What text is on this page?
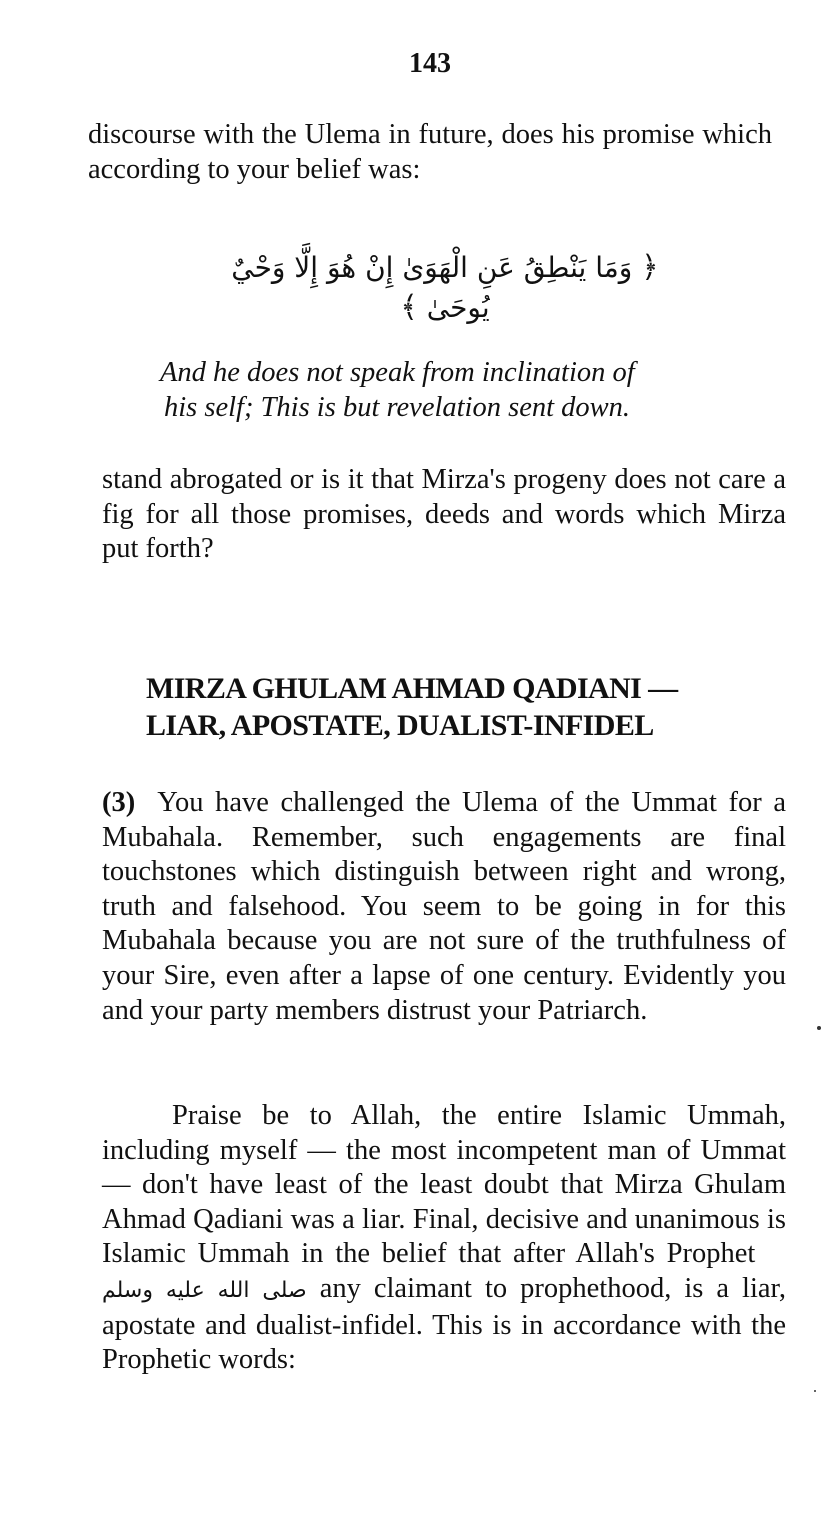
143

discourse with the Ulema in future, does his promise which according to your belief was:

﴿ وَمَا يَنْطِقُ عَنِ الْهَوَىٰ إِنْ هُوَ إِلَّا وَحْيٌ يُوحَىٰ ﴾

And he does not speak from inclination of
his self; This is but revelation sent down.

stand abrogated or is it that Mirza's progeny does not care a fig for all those promises, deeds and words which Mirza put forth?

MIRZA GHULAM AHMAD QADIANI —
LIAR, APOSTATE, DUALIST-INFIDEL

(3) You have challenged the Ulema of the Ummat for a Mubahala. Remember, such engagements are final touchstones which distinguish between right and wrong, truth and falsehood. You seem to be going in for this Mubahala because you are not sure of the truthfulness of your Sire, even after a lapse of one century. Evidently you and your party members distrust your Patriarch.

Praise be to Allah, the entire Islamic Ummah, including myself — the most incompetent man of Ummat — don't have least of the least doubt that Mirza Ghulam Ahmad Qadiani was a liar. Final, decisive and unanimous is Islamic Ummah in the belief that after Allah's Prophet    صلى الله عليه وسلم any claimant to prophethood, is a liar, apostate and dualist-infidel. This is in accordance with the Prophetic words:
